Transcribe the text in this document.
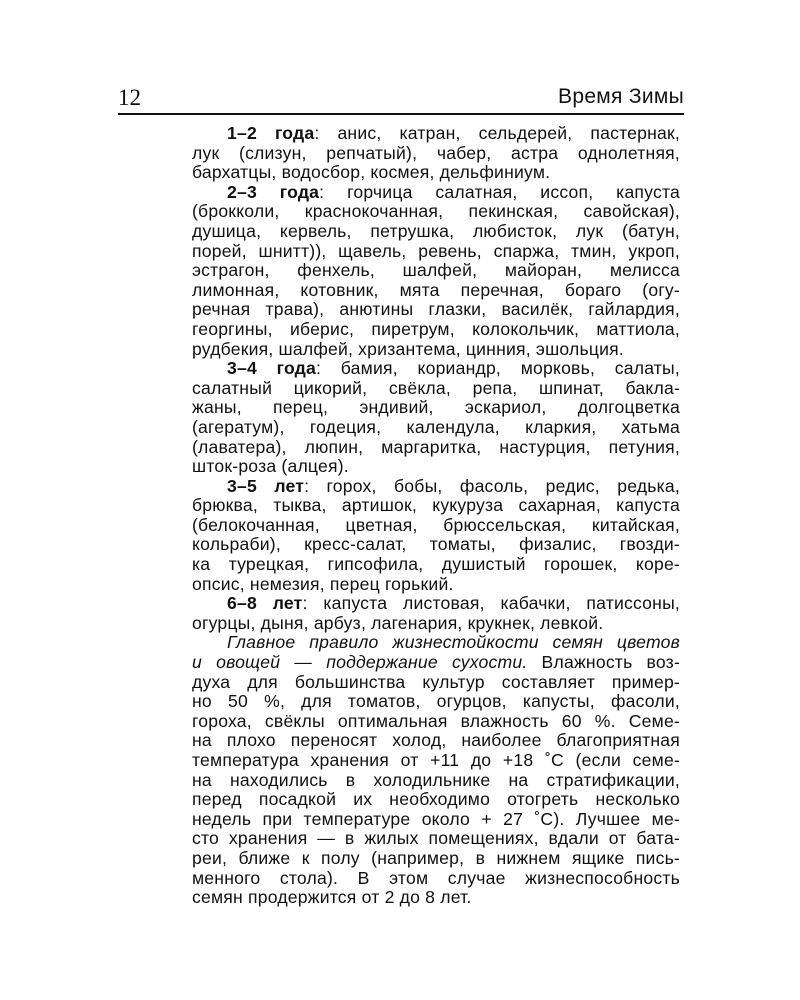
12	Время Зимы
1–2 года: анис, катран, сельдерей, пастернак,
лук (слизун, репчатый), чабер, астра однолетняя,
бархатцы, водосбор, космея, дельфиниум.
2–3 года: горчица салатная, иссоп, капуста
(брокколи, краснокочанная, пекинская, савойская),
душица, кервель, петрушка, любисток, лук (батун,
порей, шнитт)), щавель, ревень, спаржа, тмин, укроп,
эстрагон, фенхель, шалфей, майоран, мелисса
лимонная, котовник, мята перечная, бораго (огу-
речная трава), анютины глазки, василёк, гайлардия,
георгины, иберис, пиретрум, колокольчик, маттиола,
рудбекия, шалфей, хризантема, цинния, эшольция.
3–4 года: бамия, кориандр, морковь, салаты,
салатный цикорий, свёкла, репа, шпинат, бакла-
жаны, перец, эндивий, эскариол, долгоцветка
(агератум), годеция, календула, кларкия, хатьма
(лаватера), люпин, маргаритка, настурция, петуния,
шток-роза (алцея).
3–5 лет: горох, бобы, фасоль, редис, редька,
брюква, тыква, артишок, кукуруза сахарная, капуста
(белокочанная, цветная, брюссельская, китайская,
кольраби), кресс-салат, томаты, физалис, гвозди-
ка турецкая, гипсофила, душистый горошек, коре-
опсис, немезия, перец горький.
6–8 лет: капуста листовая, кабачки, патиссоны,
огурцы, дыня, арбуз, лагенария, крукнек, левкой.
Главное правило жизнестойкости семян цветов
и овощей — поддержание сухости. Влажность воз-
духа для большинства культур составляет пример-
но 50 %, для томатов, огурцов, капусты, фасоли,
гороха, свёклы оптимальная влажность 60 %. Семе-
на плохо переносят холод, наиболее благоприятная
температура хранения от +11 до +18 ˚С (если семе-
на находились в холодильнике на стратификации,
перед посадкой их необходимо отогреть несколько
недель при температуре около + 27 ˚С). Лучшее ме-
сто хранения — в жилых помещениях, вдали от бата-
реи, ближе к полу (например, в нижнем ящике пись-
менного стола). В этом случае жизнеспособность
семян продержится от 2 до 8 лет.
